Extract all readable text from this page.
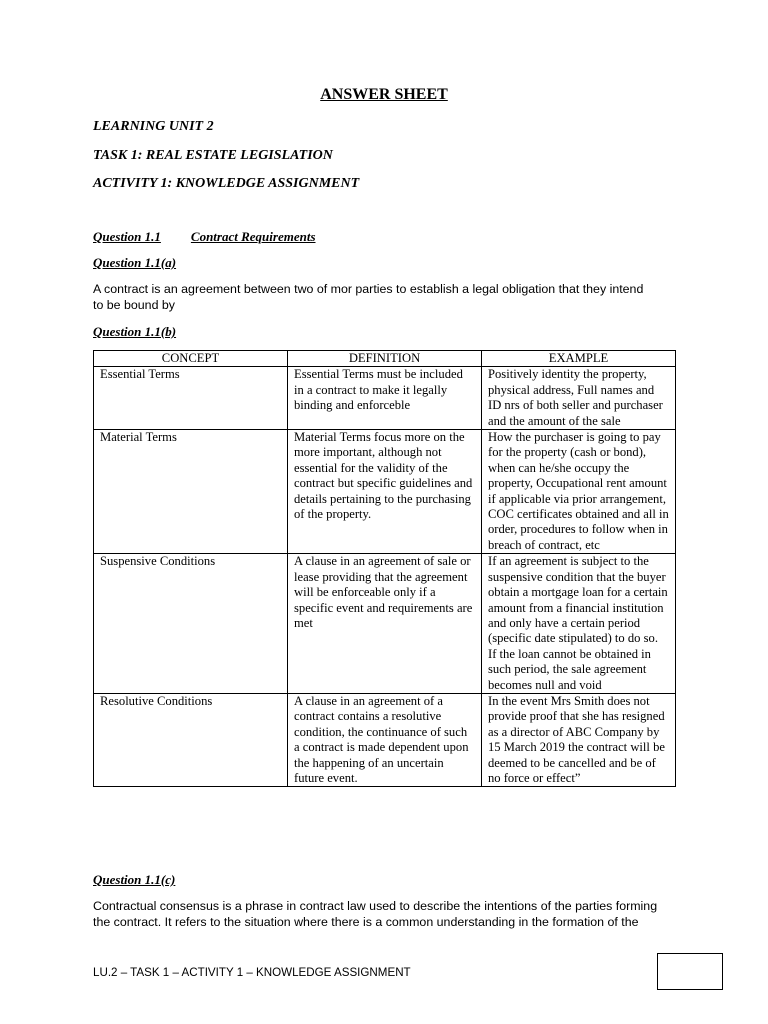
ANSWER SHEET
LEARNING UNIT 2
TASK 1: REAL ESTATE LEGISLATION
ACTIVITY 1: KNOWLEDGE ASSIGNMENT
Question 1.1 Contract Requirements
Question 1.1(a)
A contract is an agreement between two of mor parties to establish a legal obligation that they intend
to be bound by
Question 1.1(b)
CONCEPT	DEFINITION	EXAMPLE
Essential Terms	Essential Terms must be included in a contract to make it legally binding and enforceble	Positively identity the property, physical address, Full names and ID nrs of both seller and purchaser and the amount of the sale
Material Terms	Material Terms focus more on the more important, although not essential for the validity of the contract but specific guidelines and details pertaining to the purchasing of the property.	How the purchaser is going to pay for the property (cash or bond), when can he/she occupy the property, Occupational rent amount if applicable via prior arrangement, COC certificates obtained and all in order, procedures to follow when in breach of contract, etc
Suspensive Conditions	A clause in an agreement of sale or lease providing that the agreement will be enforceable only if a specific event and requirements are met	If an agreement is subject to the suspensive condition that the buyer obtain a mortgage loan for a certain amount from a financial institution and only have a certain period (specific date stipulated) to do so. If the loan cannot be obtained in such period, the sale agreement becomes null and void
Resolutive Conditions	A clause in an agreement of a contract contains a resolutive condition, the continuance of such a contract is made dependent upon the happening of an uncertain future event.	In the event Mrs Smith does not provide proof that she has resigned as a director of ABC Company by 15 March 2019 the contract will be deemed to be cancelled and be of no force or effect”
Question 1.1(c)
Contractual consensus is a phrase in contract law used to describe the intentions of the parties forming
the contract. It refers to the situation where there is a common understanding in the formation of the
LU.2 – TASK 1 – ACTIVITY 1 – KNOWLEDGE ASSIGNMENT
